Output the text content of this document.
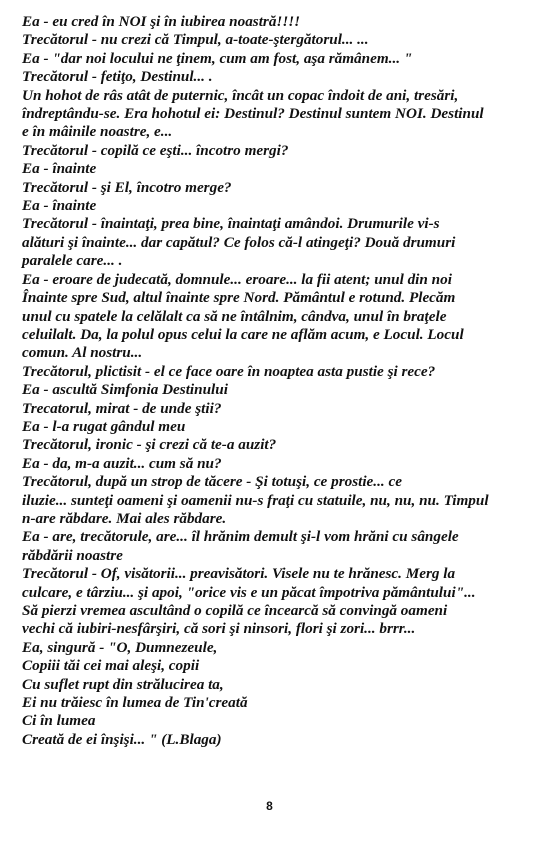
Ea - eu cred în NOI şi în iubirea noastră!!!!
Trecătorul - nu crezi că Timpul, a-toate-ştergătorul... ...
Ea - "dar noi locului ne ţinem, cum am fost, aşa rămânem... "
Trecătorul - fetiţo, Destinul... .
Un hohot de râs atât de puternic, încât un copac îndoit de ani, tresări,
îndreptându-se. Era hohotul ei: Destinul? Destinul suntem NOI. Destinul
e în mâinile noastre, e...
Trecătorul - copilă ce eşti... încotro mergi?
Ea - înainte
Trecătorul - şi El, încotro merge?
Ea - înainte
Trecătorul - înaintaţi, prea bine, înaintaţi amândoi. Drumurile vi-s
alături şi înainte... dar capătul? Ce folos că-l atingeţi? Două drumuri
paralele care... .
Ea - eroare de judecată, domnule... eroare... la fii atent; unul din noi
Înainte spre Sud, altul înainte spre Nord. Pământul e rotund. Plecăm
unul cu spatele la celălalt ca să ne întâlnim, cândva, unul în braţele
celuilalt. Da, la polul opus celui la care ne aflăm acum, e Locul. Locul
comun. Al nostru...
Trecătorul, plictisit - el ce face oare în noaptea asta pustie şi rece?
Ea - ascultă Simfonia Destinului
Trecatorul, mirat - de unde ştii?
Ea - l-a rugat gândul meu
Trecătorul, ironic - şi crezi că te-a auzit?
Ea - da, m-a auzit... cum să nu?
Trecătorul, după un strop de tăcere - Şi totuşi, ce prostie... ce
iluzie... sunteţi oameni şi oamenii nu-s fraţi cu statuile, nu, nu, nu. Timpul
n-are răbdare. Mai ales răbdare.
Ea - are, trecătorule, are... îl hrănim demult şi-l vom hrăni cu sângele
răbdării noastre
Trecătorul - Of, visătorii... preavisători. Visele nu te hrănesc. Merg la
culcare, e târziu... şi apoi, "orice vis e un păcat împotriva pământului"...
Să pierzi vremea ascultând o copilă ce încearcă să convingă oameni
vechi că iubiri-nesfârşiri, că sori şi ninsori, flori şi zori... brrr...
Ea, singură - "O, Dumnezeule,
Copiii tăi cei mai aleşi, copii
Cu suflet rupt din strălucirea ta,
Ei nu trăiesc în lumea de Tin'creată
Ci în lumea
Creată de ei înşişi... " (L.Blaga)
8
